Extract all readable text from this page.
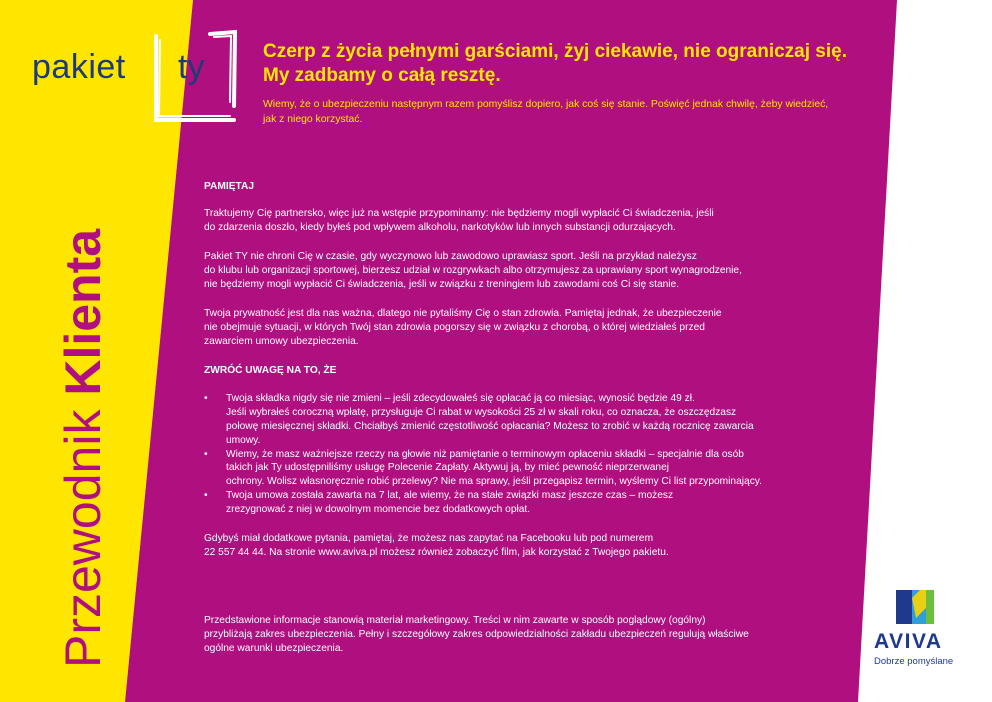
pakiet ty
Przewodnik Klienta
Czerp z życia pełnymi garściami, żyj ciekawie, nie ograniczaj się. My zadbamy o całą resztę.
Wiemy, że o ubezpieczeniu następnym razem pomyślisz dopiero, jak coś się stanie. Poświęć jednak chwilę, żeby wiedzieć, jak z niego korzystać.
PAMIĘTAJ
Traktujemy Cię partnersko, więc już na wstępie przypominamy: nie będziemy mogli wypłacić Ci świadczenia, jeśli
do zdarzenia doszło, kiedy byłeś pod wpływem alkoholu, narkotyków lub innych substancji odurzających.
Pakiet TY nie chroni Cię w czasie, gdy wyczynowo lub zawodowo uprawiasz sport. Jeśli na przykład należysz
do klubu lub organizacji sportowej, bierzesz udział w rozgrywkach albo otrzymujesz za uprawiany sport wynagrodzenie,
nie będziemy mogli wypłacić Ci świadczenia, jeśli w związku z treningiem lub zawodami coś Ci się stanie.
Twoja prywatność jest dla nas ważna, dlatego nie pytaliśmy Cię o stan zdrowia. Pamiętaj jednak, że ubezpieczenie
nie obejmuje sytuacji, w których Twój stan zdrowia pogorszy się w związku z chorobą, o której wiedziałeś przed
zawarciem umowy ubezpieczenia.
ZWRÓĆ UWAGĘ NA TO, ŻE
• Twoja składka nigdy się nie zmieni – jeśli zdecydowałeś się opłacać ją co miesiąc, wynosić będzie 49 zł.
Jeśli wybrałeś coroczną wpłatę, przysługuje Ci rabat w wysokości 25 zł w skali roku, co oznacza, że oszczędzasz
połowę miesięcznej składki. Chciałbyś zmienić częstotliwość opłacania? Możesz to zrobić w każdą rocznicę zawarcia
umowy.
• Wiemy, że masz ważniejsze rzeczy na głowie niż pamiętanie o terminowym opłaceniu składki – specjalnie dla osób
takich jak Ty udostępniliśmy usługę Polecenie Zapłaty. Aktywuj ją, by mieć pewność nieprzerwanej
ochrony. Wolisz własnoręcznie robić przelewy? Nie ma sprawy, jeśli przegapisz termin, wyślemy Ci list przypominający.
• Twoja umowa została zawarta na 7 lat, ale wiemy, że na stałe związki masz jeszcze czas – możesz
zrezygnować z niej w dowolnym momencie bez dodatkowych opłat.
Gdybyś miał dodatkowe pytania, pamiętaj, że możesz nas zapytać na Facebooku lub pod numerem
22 557 44 44. Na stronie www.aviva.pl możesz również zobaczyć film, jak korzystać z Twojego pakietu.
Przedstawione informacje stanowią materiał marketingowy. Treści w nim zawarte w sposób poglądowy (ogólny)
przybliżają zakres ubezpieczenia. Pełny i szczegółowy zakres odpowiedzialności zakładu ubezpieczeń regulują właściwe
ogólne warunki ubezpieczenia.	AVIVA
Dobrze pomyślane
